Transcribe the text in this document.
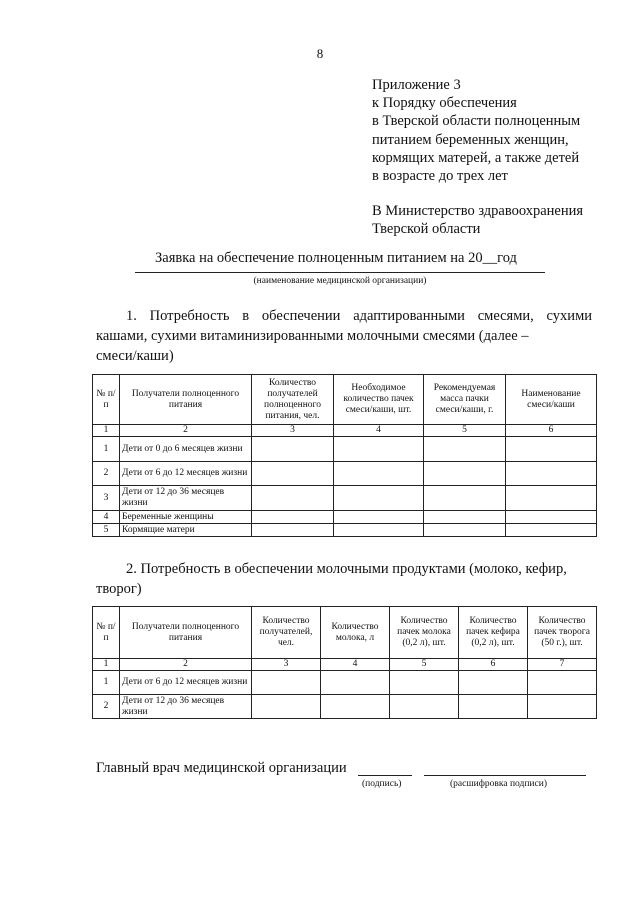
8
Приложение 3
к Порядку обеспечения
в Тверской области полноценным
питанием беременных женщин,
кормящих матерей, а также детей
в возрасте до трех лет
В Министерство здравоохранения
Тверской области
Заявка на обеспечение полноценным питанием на 20__год
(наименование медицинской организации)
1. Потребность в обеспечении адаптированными смесями, сухими кашами, сухими витаминизированными молочными смесями (далее –
смеси/каши)
№ п/п	Получатели полноценного питания	Количество получателей полноценного питания, чел.	Необходимое количество пачек смеси/каши, шт.	Рекомендуемая масса пачки смеси/каши, г.	Наименование смеси/каши
1	2	3	4	5	6
1	Дети от 0 до 6 месяцев жизни				
2	Дети от 6 до 12 месяцев жизни				
3	Дети от 12 до 36 месяцев жизни				
4	Беременные женщины				
5	Кормящие матери				
2. Потребность в обеспечении молочными продуктами (молоко, кефир,
творог)
№ п/п	Получатели полноценного питания	Количество получателей, чел.	Количество молока, л	Количество пачек молока (0,2 л), шт.	Количество пачек кефира (0,2 л), шт.	Количество пачек творога (50 г.), шт.
1	2	3	4	5	6	7
1	Дети от 6 до 12 месяцев жизни					
2	Дети от 12 до 36 месяцев жизни					
Главный врач медицинской организации
(подпись)	(расшифровка подписи)
